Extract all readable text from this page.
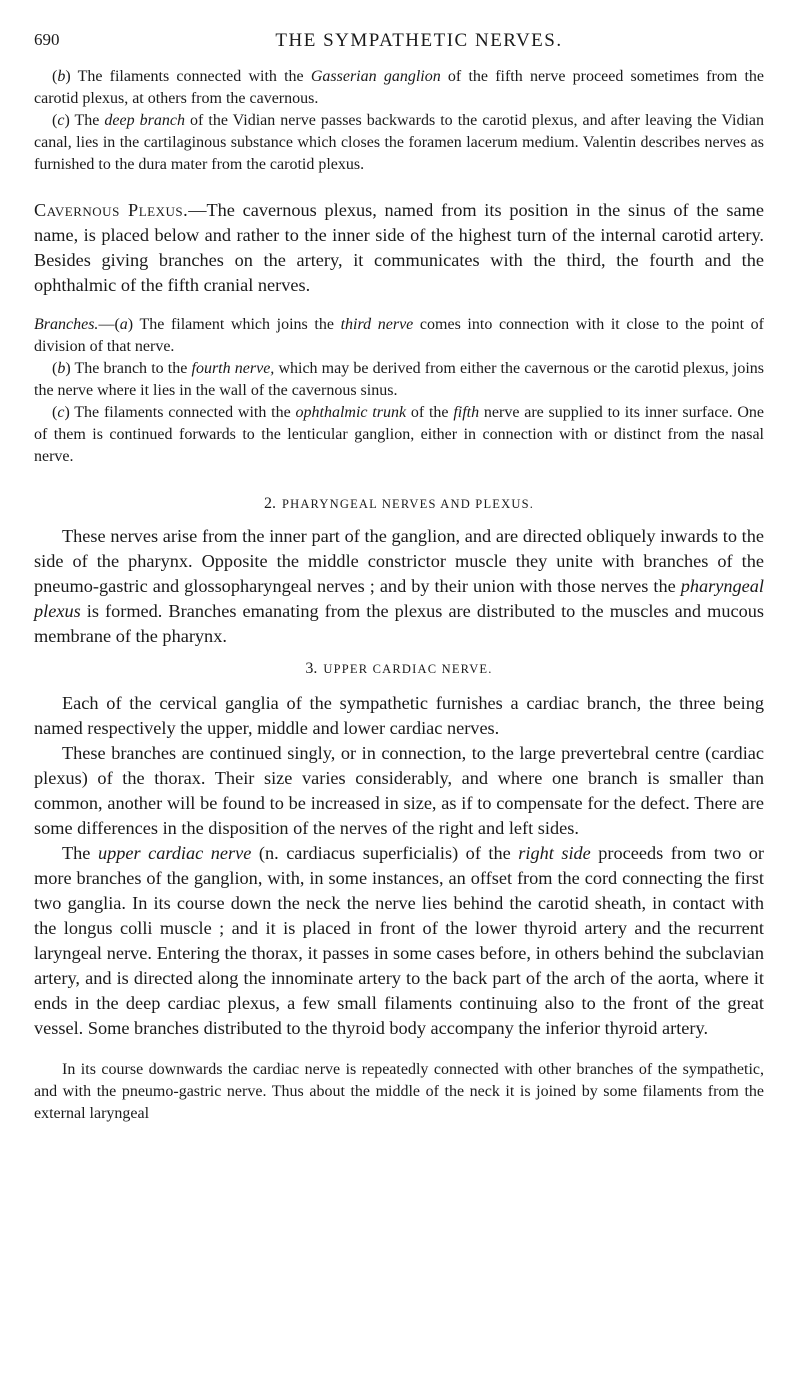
690	THE SYMPATHETIC NERVES.

(b) The filaments connected with the Gasserian ganglion of the fifth nerve proceed sometimes from the carotid plexus, at others from the cavernous.

(c) The deep branch of the Vidian nerve passes backwards to the carotid plexus, and after leaving the Vidian canal, lies in the cartilaginous substance which closes the foramen lacerum medium. Valentin describes nerves as furnished to the dura mater from the carotid plexus.

Cavernous Plexus.—The cavernous plexus, named from its position in the sinus of the same name, is placed below and rather to the inner side of the highest turn of the internal carotid artery. Besides giving branches on the artery, it communicates with the third, the fourth and the ophthalmic of the fifth cranial nerves.

Branches.—(a) The filament which joins the third nerve comes into connection with it close to the point of division of that nerve.

(b) The branch to the fourth nerve, which may be derived from either the cavernous or the carotid plexus, joins the nerve where it lies in the wall of the cavernous sinus.

(c) The filaments connected with the ophthalmic trunk of the fifth nerve are supplied to its inner surface. One of them is continued forwards to the lenticular ganglion, either in connection with or distinct from the nasal nerve.

2. PHARYNGEAL NERVES AND PLEXUS.

These nerves arise from the inner part of the ganglion, and are directed obliquely inwards to the side of the pharynx. Opposite the middle constrictor muscle they unite with branches of the pneumo-gastric and glossopharyngeal nerves ; and by their union with those nerves the pharyngeal plexus is formed. Branches emanating from the plexus are distributed to the muscles and mucous membrane of the pharynx.

3. UPPER CARDIAC NERVE.

Each of the cervical ganglia of the sympathetic furnishes a cardiac branch, the three being named respectively the upper, middle and lower cardiac nerves.

These branches are continued singly, or in connection, to the large prevertebral centre (cardiac plexus) of the thorax. Their size varies considerably, and where one branch is smaller than common, another will be found to be increased in size, as if to compensate for the defect. There are some differences in the disposition of the nerves of the right and left sides.

The upper cardiac nerve (n. cardiacus superficialis) of the right side proceeds from two or more branches of the ganglion, with, in some instances, an offset from the cord connecting the first two ganglia. In its course down the neck the nerve lies behind the carotid sheath, in contact with the longus colli muscle ; and it is placed in front of the lower thyroid artery and the recurrent laryngeal nerve. Entering the thorax, it passes in some cases before, in others behind the subclavian artery, and is directed along the innominate artery to the back part of the arch of the aorta, where it ends in the deep cardiac plexus, a few small filaments continuing also to the front of the great vessel. Some branches distributed to the thyroid body accompany the inferior thyroid artery.

In its course downwards the cardiac nerve is repeatedly connected with other branches of the sympathetic, and with the pneumo-gastric nerve. Thus about the middle of the neck it is joined by some filaments from the external laryngeal
